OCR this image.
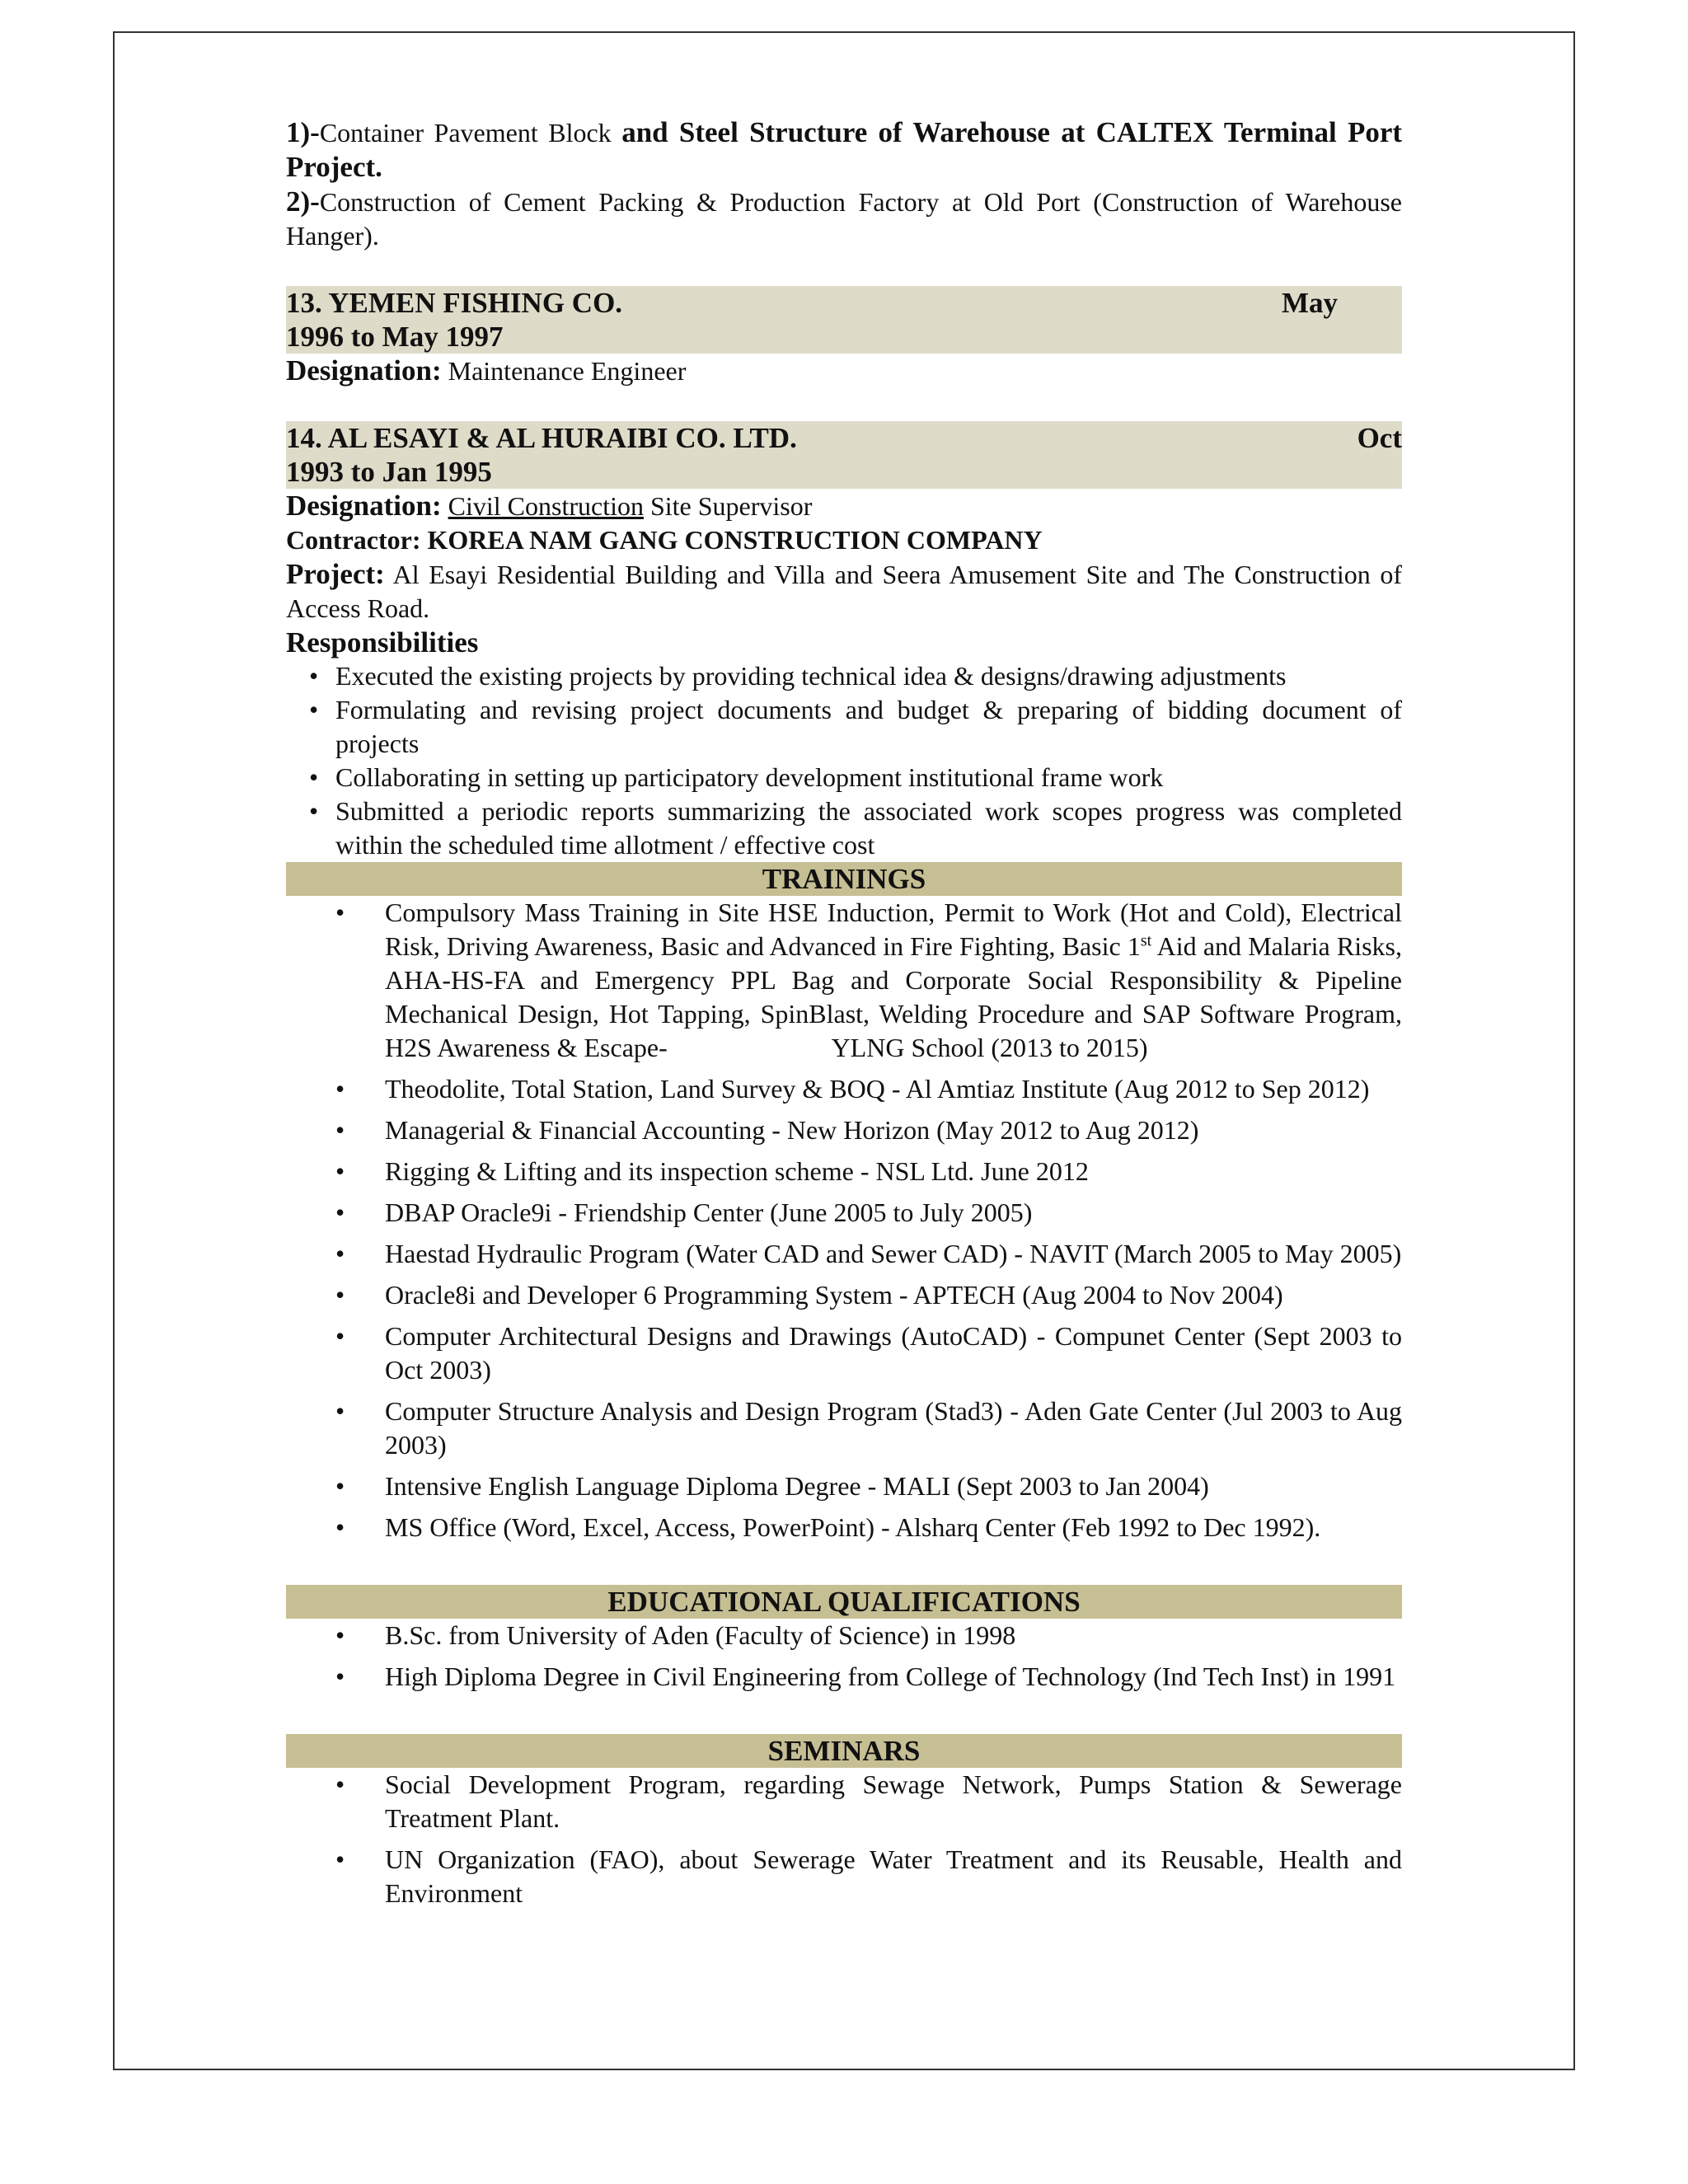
1)-Container Pavement Block and Steel Structure of Warehouse at CALTEX Terminal Port Project.

2)-Construction of Cement Packing & Production Factory at Old Port (Construction of Warehouse Hanger).

13. YEMEN FISHING CO.	May
1996 to May 1997

Designation: Maintenance Engineer

14. AL ESAYI & AL HURAIBI CO. LTD.	Oct
1993 to Jan 1995

Designation: Civil Construction Site Supervisor

Contractor: KOREA NAM GANG CONSTRUCTION COMPANY

Project: Al Esayi Residential Building and Villa and Seera Amusement Site and The Construction of Access Road.

Responsibilities

• Executed the existing projects by providing technical idea & designs/drawing adjustments
• Formulating and revising project documents and budget & preparing of bidding document of projects
• Collaborating in setting up participatory development institutional frame work
• Submitted a periodic reports summarizing the associated work scopes progress was completed within the scheduled time allotment / effective cost
TRAININGS
• Compulsory Mass Training in Site HSE Induction, Permit to Work (Hot and Cold), Electrical Risk, Driving Awareness, Basic and Advanced in Fire Fighting, Basic 1st Aid and Malaria Risks, AHA-HS-FA and Emergency PPL Bag and Corporate Social Responsibility & Pipeline Mechanical Design, Hot Tapping, SpinBlast, Welding Procedure and SAP Software Program, H2S Awareness & Escape-                         YLNG School (2013 to 2015)
• Theodolite, Total Station, Land Survey & BOQ - Al Amtiaz Institute (Aug 2012 to Sep 2012)
• Managerial & Financial Accounting - New Horizon (May 2012 to Aug 2012)
• Rigging & Lifting and its inspection scheme - NSL Ltd. June 2012
• DBAP Oracle9i - Friendship Center (June 2005 to July 2005)
• Haestad Hydraulic Program (Water CAD and Sewer CAD) - NAVIT (March 2005 to May 2005)
• Oracle8i and Developer 6 Programming System - APTECH (Aug 2004 to Nov 2004)
• Computer Architectural Designs and Drawings (AutoCAD) - Compunet Center (Sept 2003 to Oct 2003)
• Computer Structure Analysis and Design Program (Stad3) - Aden Gate Center (Jul 2003 to Aug 2003)
• Intensive English Language Diploma Degree - MALI (Sept 2003 to Jan 2004)
• MS Office (Word, Excel, Access, PowerPoint) - Alsharq Center (Feb 1992 to Dec 1992).
EDUCATIONAL QUALIFICATIONS
• B.Sc. from University of Aden (Faculty of Science) in 1998
• High Diploma Degree in Civil Engineering from College of Technology (Ind Tech Inst) in 1991
SEMINARS
• Social Development Program, regarding Sewage Network, Pumps Station & Sewerage Treatment Plant.
• UN Organization (FAO), about Sewerage Water Treatment and its Reusable, Health and Environment
